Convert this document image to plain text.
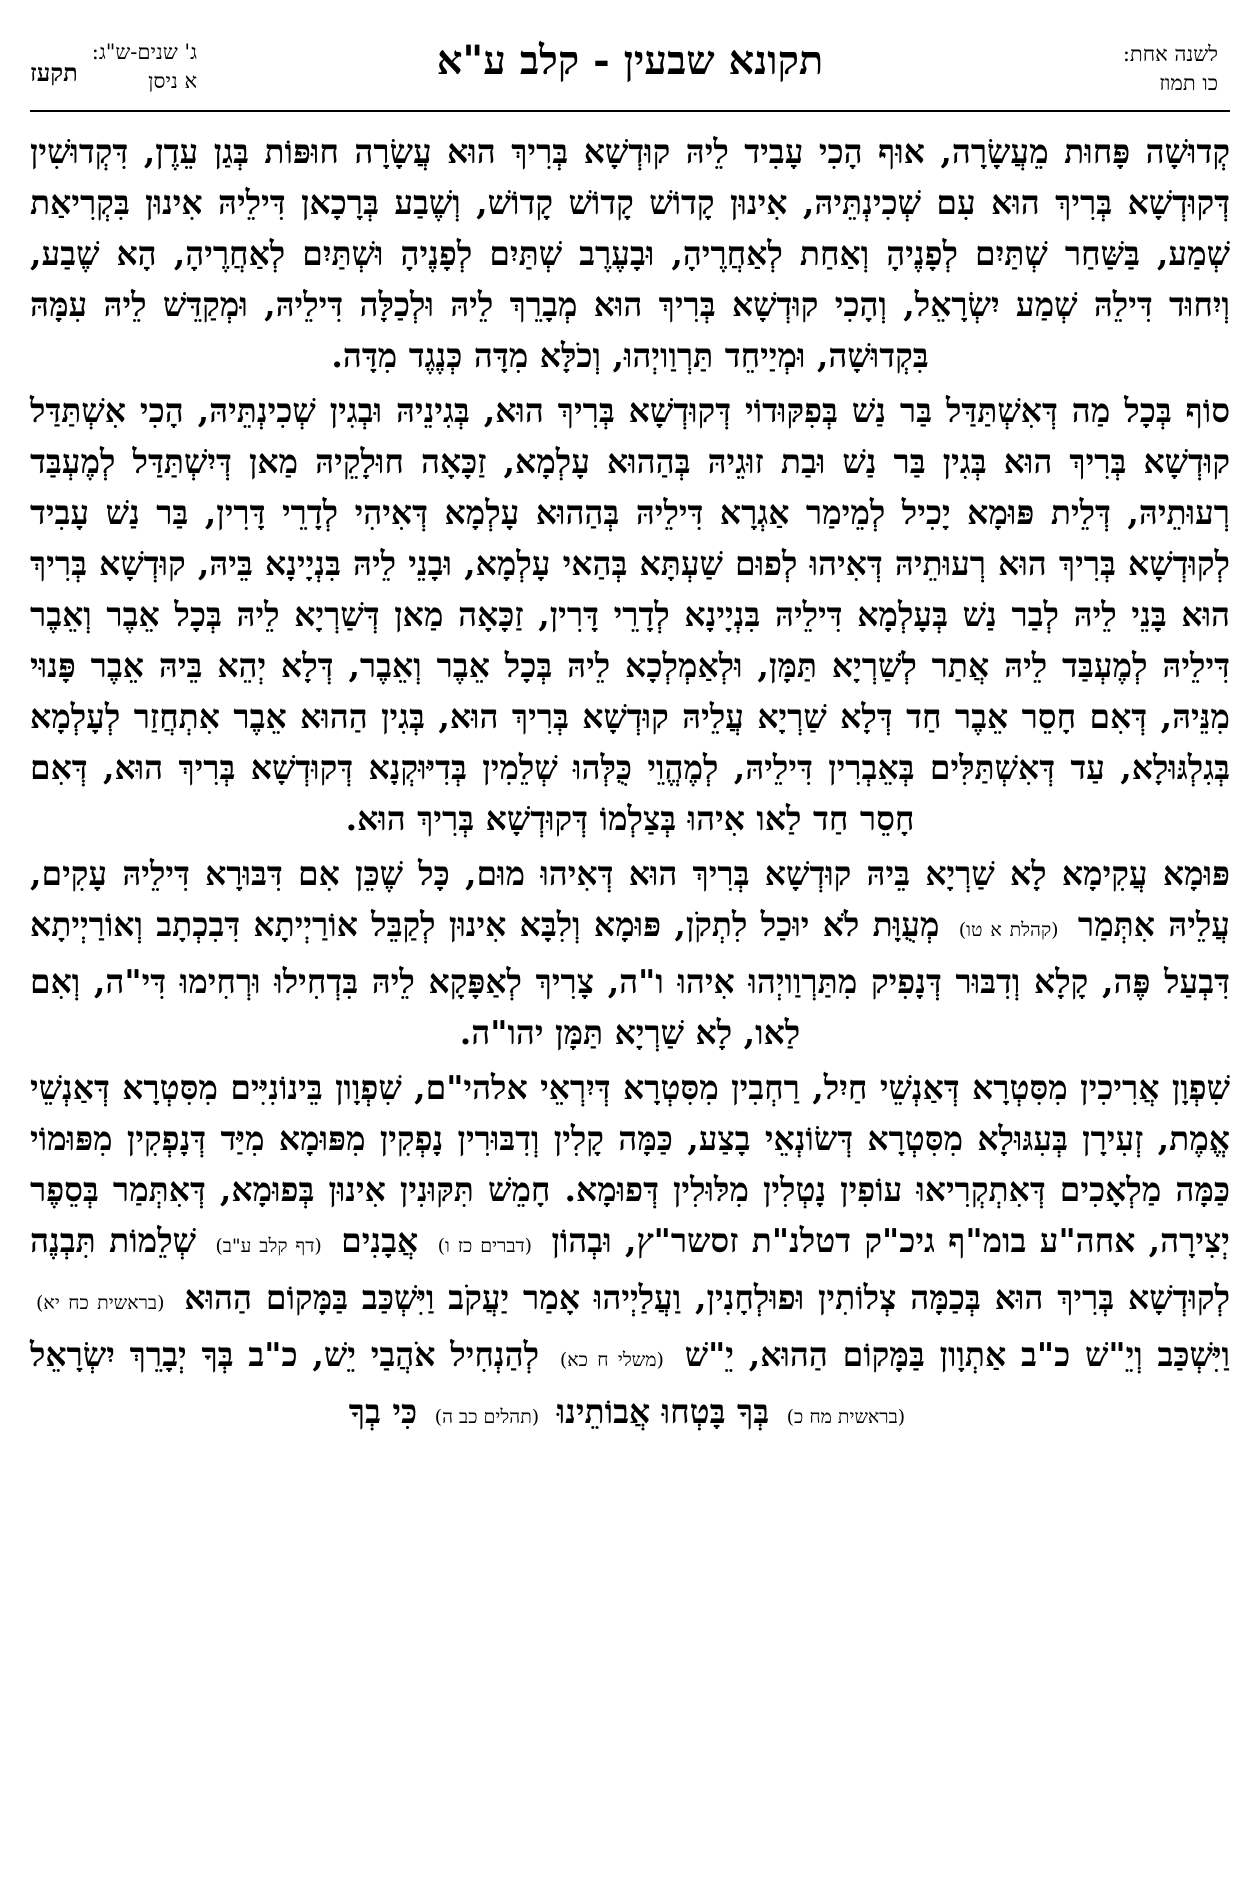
לשנה אחת:
כו תמוז
תקונא שבעין - קלב ע"א
ג' שנים-ש"ג:
א ניסן
תקעז

קְדוּשָׁה פָּחוּת מֵעֲשָׂרָה, אוּף הָכִי עָבִיד לֵיהּ קוּדְשָׁא בְּרִיךְ הוּא עֲשָׂרָה חוּפּוֹת בְּגַן עֵדֶן, דִּקְדוּשִׁין דְּקוּדְשָׁא בְּרִיךְ הוּא עִם שְׁכִינְתֵּיהּ, אִינוּן קָדוֹשׁ קָדוֹשׁ קָדוֹשׁ, וְשֶׁבַע בְּרָכָאן דִּילֵיהּ אִינוּן בִּקְרִיאַת שְׁמַע, בַּשַּׁחַר שְׁתַּיִם לְפָנֶיהָ וְאַחַת לְאַחֲרֶיהָ, וּבָעֶרֶב שְׁתַּיִם לְפָנֶיהָ וּשְׁתַּיִם לְאַחֲרֶיהָ, הָא שֶׁבַע, וְיִחוּד דִּילֵהּ שְׁמַע יִשְׂרָאֵל, וְהָכִי קוּדְשָׁא בְּרִיךְ הוּא מְבָרֵךְ לֵיהּ וּלְכַלָּה דִּילֵיהּ, וּמְקַדֵּשׁ לֵיהּ עִמָּהּ בִּקְדוּשָׁה, וּמְיַיחֵד תַּרְוַויְהוּ, וְכֹלָּא מִדָּה כְּנֶגֶד מִדָּה.

סוֹף בְּכָל מַה דְּאִשְׁתַּדַּל בַּר נַשׁ בְּפִקּוּדוֹי דְּקוּדְשָׁא בְּרִיךְ הוּא, בְּגִינֵיהּ וּבְגִין שְׁכִינְתֵּיהּ, הָכִי אִשְׁתַּדַּל קוּדְשָׁא בְּרִיךְ הוּא בְּגִין בַּר נַשׁ וּבַת זוּגֵיהּ בְּהַהוּא עָלְמָא, זַכָּאָה חוּלָקֵיהּ מַאן דְּיִשְׁתַּדַּל לְמֶעְבַּד רְעוּתֵיהּ, דְּלֵית פּוּמָא יָכִיל לְמֵימַר אַגְרָא דִּילֵיהּ בְּהַהוּא עָלְמָא דְּאִיהִי לְדָרֵי דָּרִין, בַּר נַשׁ עָבִיד לְקוּדְשָׁא בְּרִיךְ הוּא רְעוּתֵיהּ דְּאִיהוּ לְפוּם שַׁעְתָּא בְּהַאי עָלְמָא, וּבָנֵי לֵיהּ בִּנְיָינָא בֵּיהּ, קוּדְשָׁא בְּרִיךְ הוּא בָּנֵי לֵיהּ לְבַר נַשׁ בְּעָלְמָא דִּילֵיהּ בִּנְיָינָא לְדָרֵי דָּרִין, זַכָּאָה מַאן דְּשַׁרְיָא לֵיהּ בְּכָל אֵבֶר וְאֵבֶר דִּילֵיהּ לְמֶעְבַּד לֵיהּ אֲתַר לְשַׁרְיָא תַּמָּן, וּלְאַמְלְכָא לֵיהּ בְּכָל אֵבֶר וְאֵבֶר, דְּלָא יְהֵא בֵּיהּ אֵבֶר פָּנוּי מִנֵּיהּ, דְּאִם חָסֵר אֵבֶר חַד דְּלָא שַׁרְיָא עֲלֵיהּ קוּדְשָׁא בְּרִיךְ הוּא, בְּגִין הַהוּא אֵבֶר אִתְחֲזַר לְעָלְמָא בְּגִלְגּוּלָא, עַד דְּאִשְׁתַּלִּים בְּאֵבְרִין דִּילֵיהּ, לְמֶהֱוֵי כֻּלְּהוּ שְׁלֵמִין בְּדִיּוּקְנָא דְּקוּדְשָׁא בְּרִיךְ הוּא, דְּאִם חָסֵר חַד לַאו אִיהוּ בְּצַלְמוֹ דְּקוּדְשָׁא בְּרִיךְ הוּא.

פּוּמָא עֲקִימָא לָא שַׁרְיָא בֵּיהּ קוּדְשָׁא בְּרִיךְ הוּא דְּאִיהוּ מוּם, כָּל שֶׁכֵּן אִם דִּבּוּרָא דִּילֵיהּ עָקִים, עֲלֵיהּ אִתְּמַר (קהלת א טו) מְעֻוָּת לֹא יוּכַל לִתְקֹן, פּוּמָא וְלִבָּא אִינוּן לְקַבֵּל אוֹרַיְיתָא דִּבִכְתָב וְאוֹרַיְיתָא דִּבְעַל פֶּה, קָלָא וְדִבּוּר דְּנָפִיק מִתַּרְוַויְהוּ אִיהוּ ו"ה, צָרִיךְ לְאַפָּקָא לֵיהּ בִּדְחִילוּ וּרְחִימוּ דִּי"ה, וְאִם לַאו, לָא שַׁרְיָא תַּמָּן יהו"ה.

שִׁפְוָן אֲרִיכִין מִסִּטְרָא דְּאַנְשֵׁי חַיִל, רַחְבִין מִסִּטְרָא דְּיִרְאֵי אלהי"ם, שִׁפְוָון בֵּינוֹנִיִּים מִסִּטְרָא דְּאַנְשֵׁי אֱמֶת, זְעִירָן בְּעִגּוּלָא מִסִּטְרָא דְּשׂוֹנְאֵי בָצַע, כַּמָּה קָלִין וְדִבּוּרִין נָפְקִין מִפּוּמָא מִיַּד דְּנָפְקִין מִפּוּמוֹי כַּמָּה מַלְאָכִים דְּאִתְקְרִיאוּ עוֹפִין נָטְלִין מִלּוּלִין דְּפוּמָא. חָמֵשׁ תִּקּוּנִין אִינוּן בְּפוּמָא, דְּאִתְּמַר בְּסֵפֶר יְצִירָה, אחה"ע בומ"ף גיכ"ק דטלנ"ת זסשר"ץ, וּבְהוֹן (דברים כז ו) אֲבָנִים (דף קלב ע"ב) שְׁלֵמוֹת תִּבְנֶה לְקוּדְשָׁא בְּרִיךְ הוּא בְּכַמָּה צְלוֹתִין וּפוּלְחָנִין, וַעֲלַיְיהוּ אָמַר יַעֲקֹב וַיִּשְׁכַּב בַּמָּקוֹם הַהוּא (בראשית כח יא) וַיִּשְׁכַּב וְיֵ"שׁ כ"ב אַתְוָון בַּמָּקוֹם הַהוּא, יֵ"שׁ (משלי ח כא) לְהַנְחִיל אֹהֲבַי יֵשׁ, כ"ב בְּךָ יְבָרֵךְ יִשְׂרָאֵל (בראשית מח כ) בְּךָ בָּטְחוּ אֲבוֹתֵינוּ (תהלים כב ה) כִּי בְךָ
